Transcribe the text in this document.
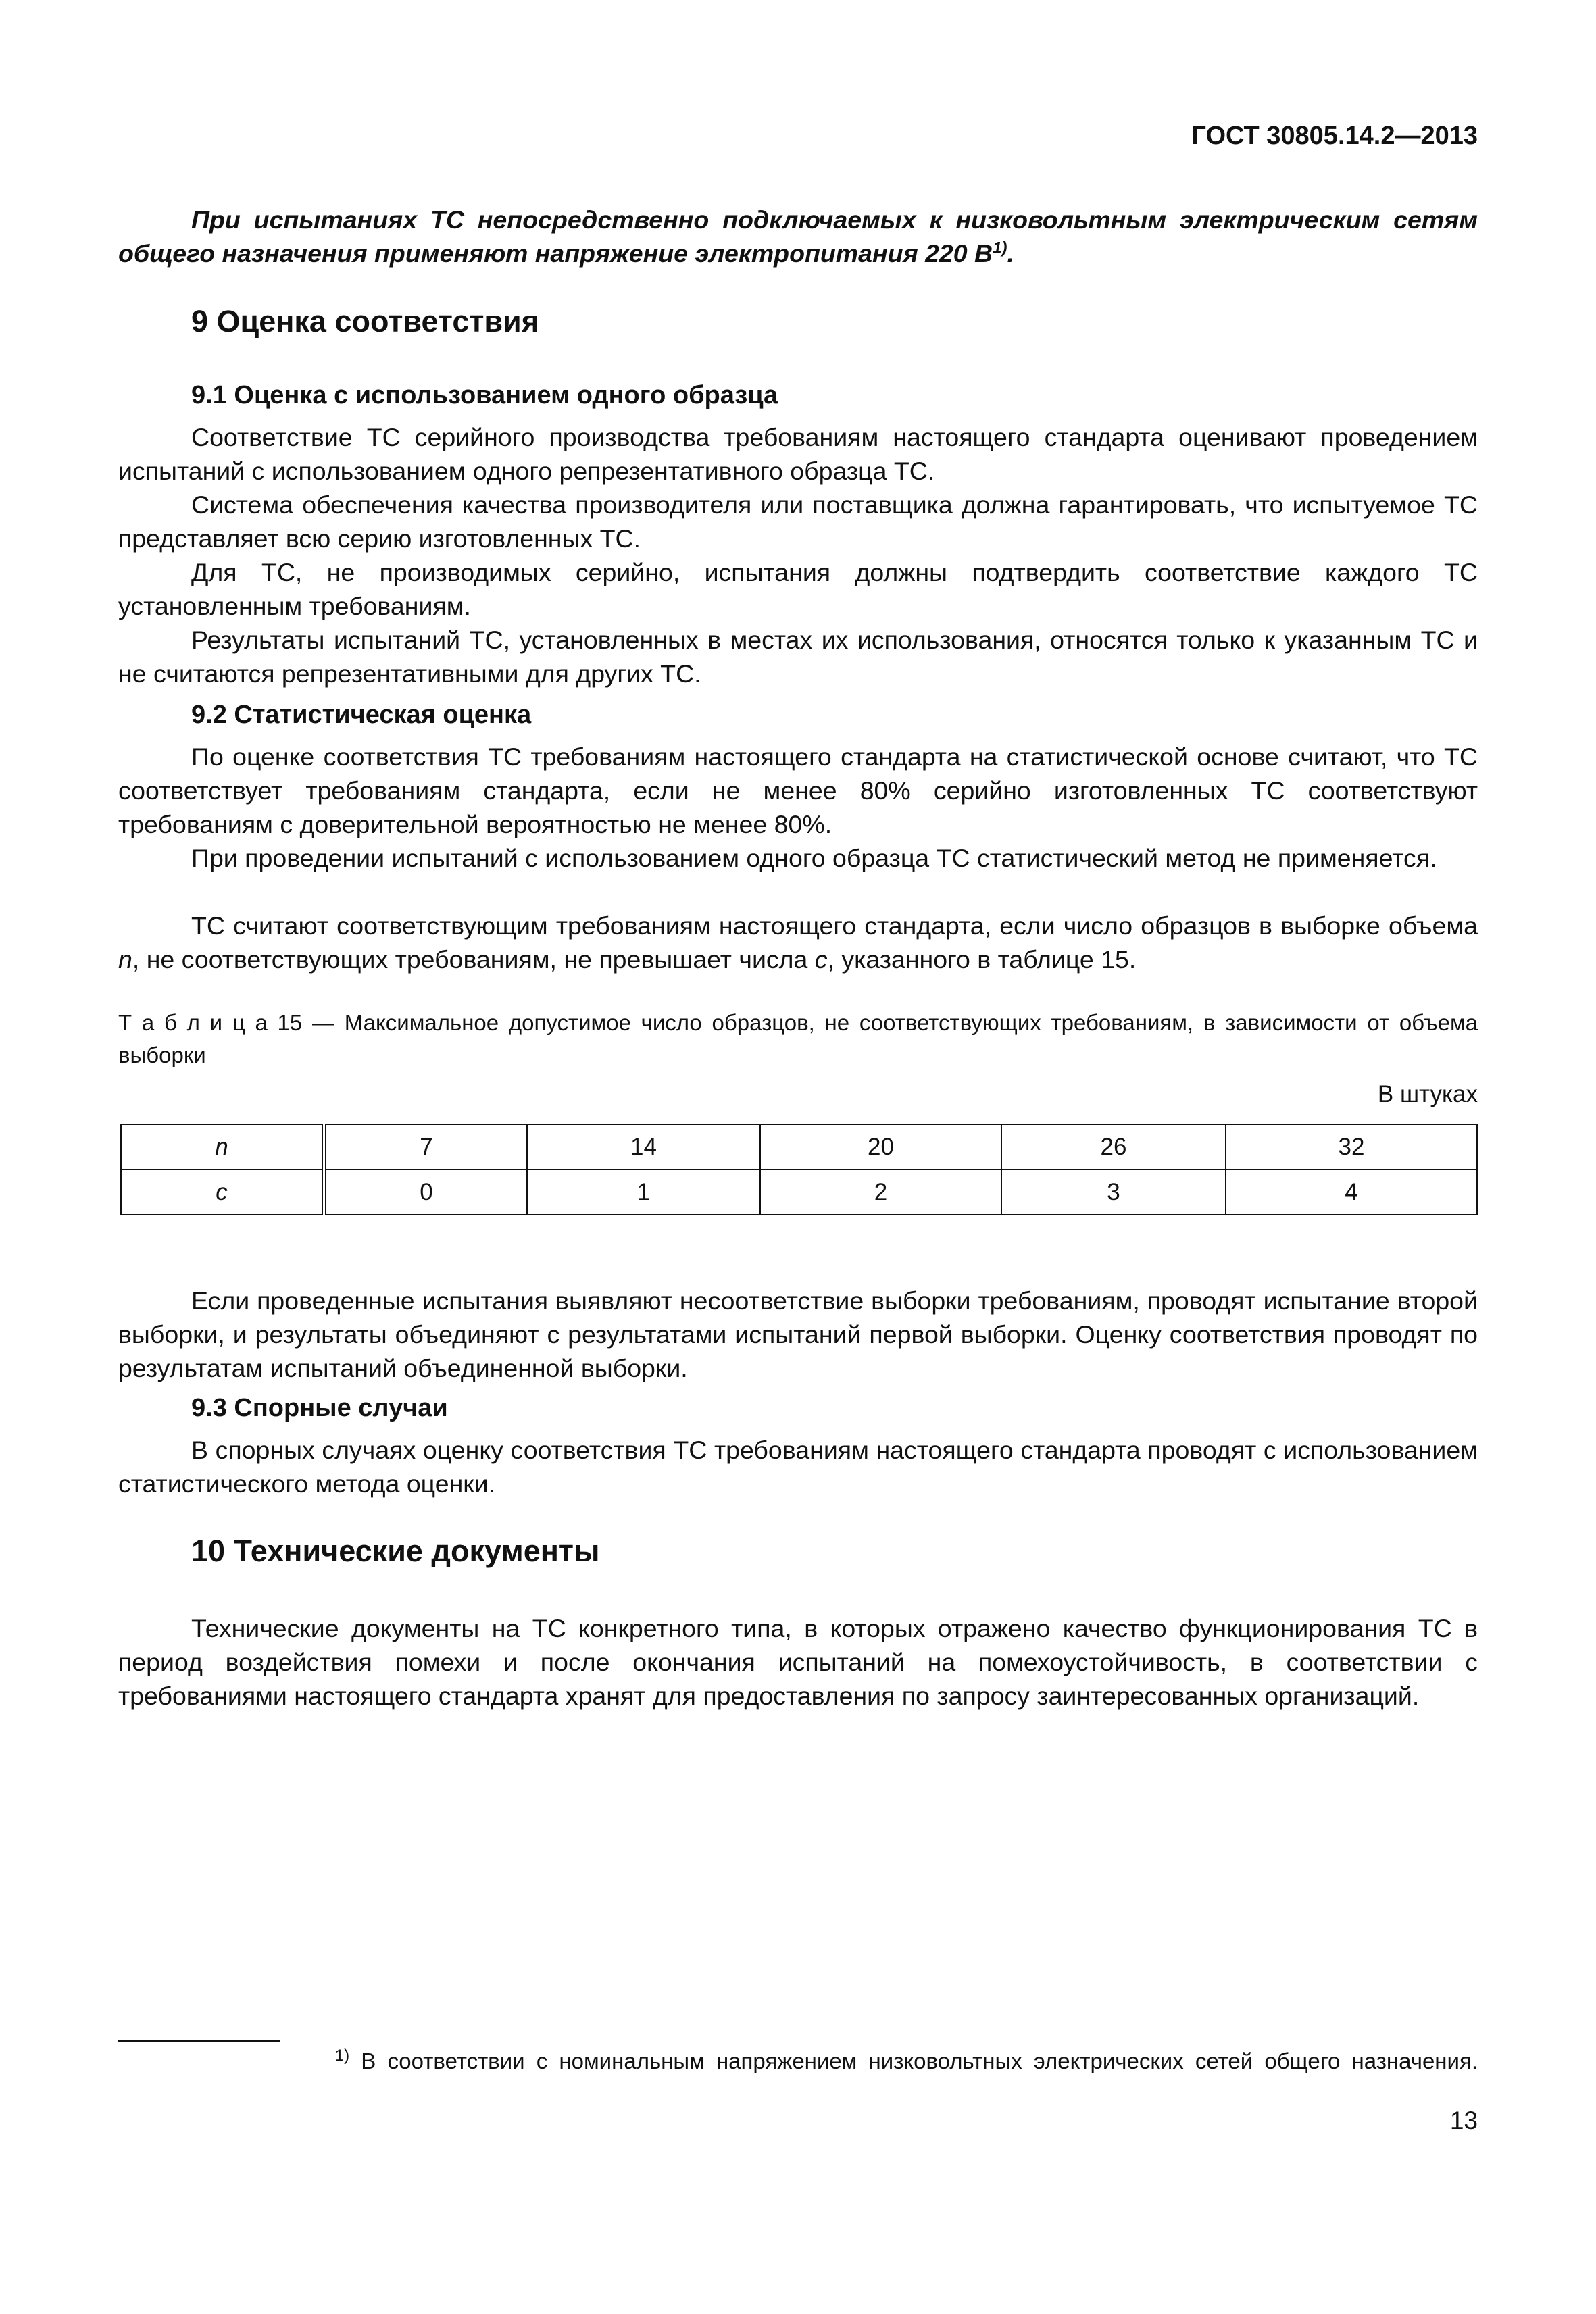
ГОСТ 30805.14.2—2013

При испытаниях ТС непосредственно подключаемых к низковольтным электрическим сетям общего назначения применяют напряжение электропитания 220 $В^{1)}$.

9 Оценка соответствия
9.1 Оценка с использованием одного образца

Соответствие ТС серийного производства требованиям настоящего стандарта оценивают проведением испытаний с использованием одного репрезентативного образца ТС.

Система обеспечения качества производителя или поставщика должна гарантировать, что испытуемое ТС представляет всю серию изготовленных ТС.

Для ТС, не производимых серийно, испытания должны подтвердить соответствие каждого ТС установленным требованиям.

Результаты испытаний ТС, установленных в местах их использования, относятся только к указанным ТС и не считаются репрезентативными для других ТС.

9.2 Статистическая оценка

По оценке соответствия ТС требованиям настоящего стандарта на статистической основе считают, что ТС соответствует требованиям стандарта, если не менее 80% серийно изготовленных ТС соответствуют требованиям с доверительной вероятностью не менее 80%.

При проведении испытаний с использованием одного образца ТС статистический метод не применяется.

ТС считают соответствующим требованиям настоящего стандарта, если число образцов в выборке объема n, не соответствующих требованиям, не превышает числа c, указанного в таблице 15.

Т а б л и ц а 15 — Максимальное допустимое число образцов, не соответствующих требованиям, в зависимости от объема выборки

В штуках
n	7	14	20	26	32
c	0	1	2	3	4

Если проведенные испытания выявляют несоответствие выборки требованиям, проводят испытание второй выборки, и результаты объединяют с результатами испытаний первой выборки. Оценку соответствия проводят по результатам испытаний объединенной выборки.

9.3 Спорные случаи

В спорных случаях оценку соответствия ТС требованиям настоящего стандарта проводят с использованием статистического метода оценки.

10 Технические документы

Технические документы на ТС конкретного типа, в которых отражено качество функционирования ТС в период воздействия помехи и после окончания испытаний на помехоустойчивость, в соответствии с требованиями настоящего стандарта хранят для предоставления по запросу заинтересованных организаций.

$^{1)}$ В соответствии с номинальным напряжением низковольтных электрических сетей общего назначения.
13
